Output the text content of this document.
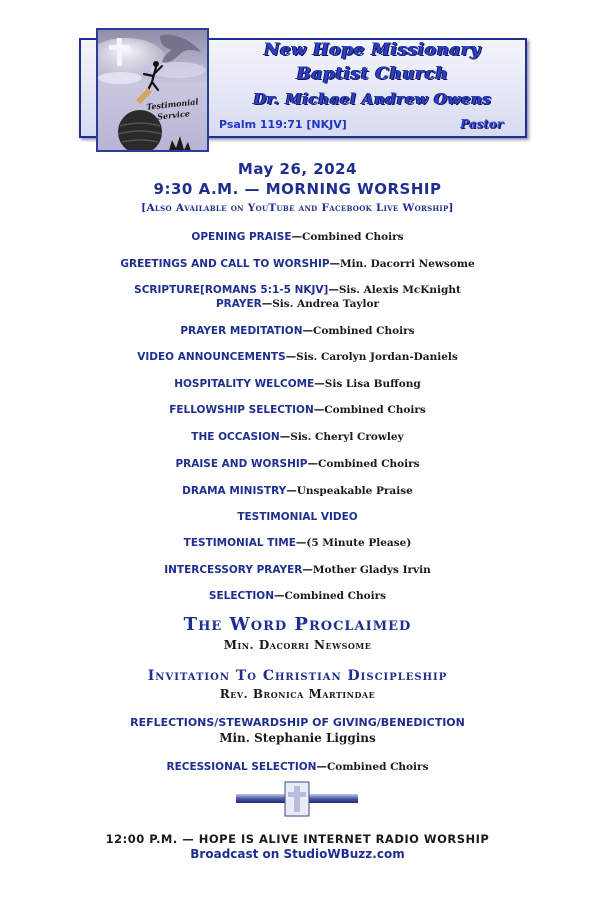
Testimonial
Service
New Hope Missionary
Baptist Church
Dr. Michael Andrew Owens
Psalm 119:71 [NKJV]	Pastor
May 26, 2024
9:30 A.M. — MORNING WORSHIP
[Also Available on YouTube and Facebook Live Worship]
OPENING PRAISE—Combined Choirs
GREETINGS AND CALL TO WORSHIP—Min. Dacorri Newsome
SCRIPTURE[ROMANS 5:1-5 NKJV]—Sis. Alexis McKnight
PRAYER—Sis. Andrea Taylor
PRAYER MEDITATION—Combined Choirs
VIDEO ANNOUNCEMENTS—Sis. Carolyn Jordan-Daniels
HOSPITALITY WELCOME—Sis Lisa Buffong
FELLOWSHIP SELECTION—Combined Choirs
THE OCCASION—Sis. Cheryl Crowley
PRAISE AND WORSHIP—Combined Choirs
DRAMA MINISTRY—Unspeakable Praise
TESTIMONIAL VIDEO
TESTIMONIAL TIME—(5 Minute Please)
INTERCESSORY PRAYER—Mother Gladys Irvin
SELECTION—Combined Choirs
The Word Proclaimed
Min. Dacorri Newsome
Invitation To Christian Discipleship
Rev. Bronica Martindae
REFLECTIONS/STEWARDSHIP OF GIVING/BENEDICTION
Min. Stephanie Liggins
RECESSIONAL SELECTION—Combined Choirs
12:00 P.M. — HOPE IS ALIVE INTERNET RADIO WORSHIP
Broadcast on StudioWBuzz.com
